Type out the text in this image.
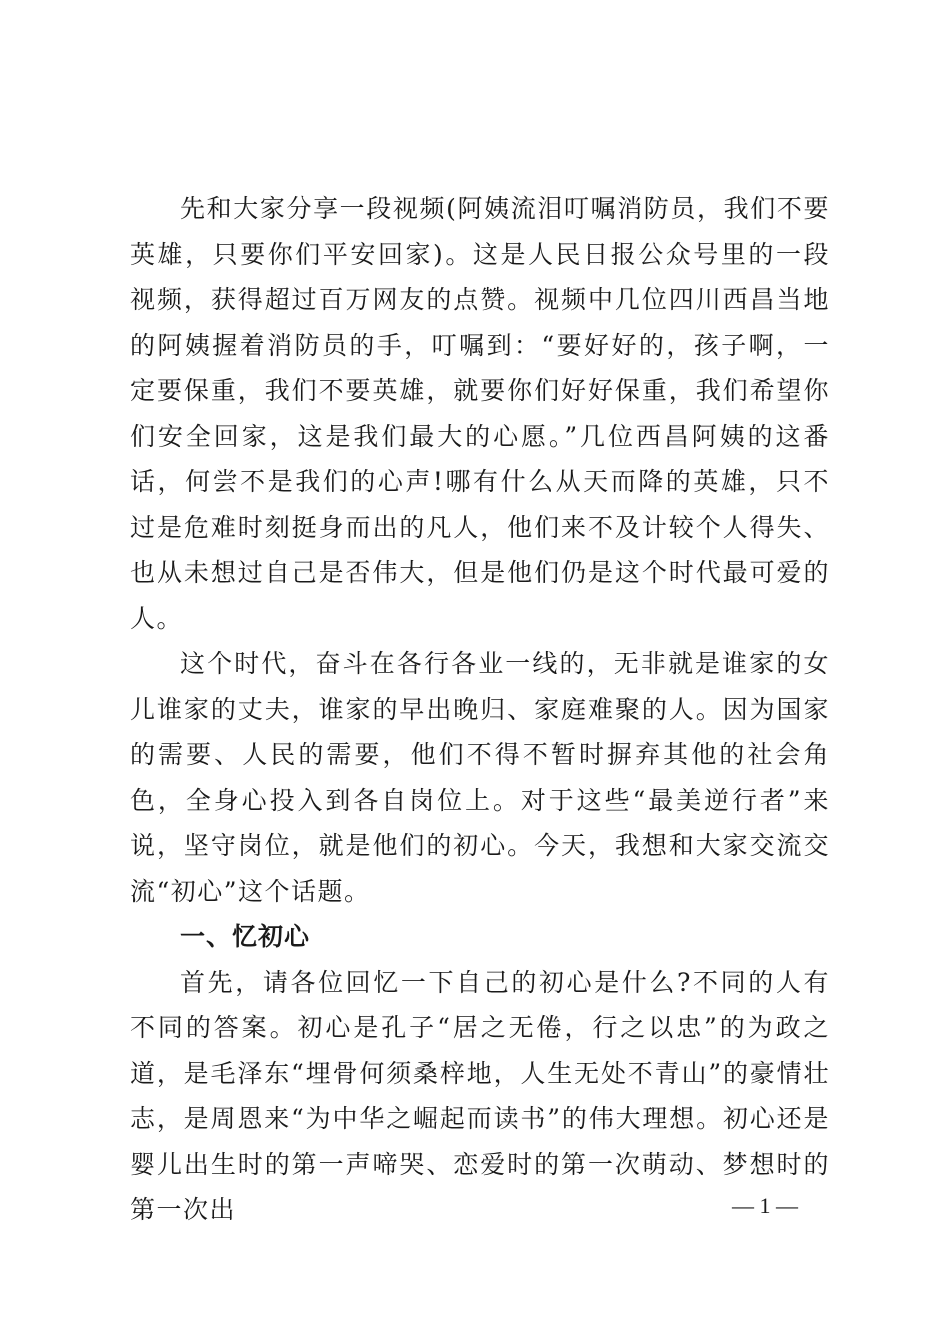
先和大家分享一段视频(阿姨流泪叮嘱消防员，我们不要英雄，只要你们平安回家)。这是人民日报公众号里的一段视频，获得超过百万网友的点赞。视频中几位四川西昌当地的阿姨握着消防员的手，叮嘱到：“要好好的，孩子啊，一定要保重，我们不要英雄，就要你们好好保重，我们希望你们安全回家，这是我们最大的心愿。”几位西昌阿姨的这番话，何尝不是我们的心声!哪有什么从天而降的英雄，只不过是危难时刻挺身而出的凡人，他们来不及计较个人得失、也从未想过自己是否伟大，但是他们仍是这个时代最可爱的人。

这个时代，奋斗在各行各业一线的，无非就是谁家的女儿谁家的丈夫，谁家的早出晚归、家庭难聚的人。因为国家的需要、人民的需要，他们不得不暂时摒弃其他的社会角色，全身心投入到各自岗位上。对于这些“最美逆行者”来说，坚守岗位，就是他们的初心。今天，我想和大家交流交流“初心”这个话题。

一、忆初心

首先，请各位回忆一下自己的初心是什么?不同的人有不同的答案。初心是孔子“居之无倦，行之以忠”的为政之道，是毛泽东“埋骨何须桑梓地，人生无处不青山”的豪情壮志，是周恩来“为中华之崛起而读书”的伟大理想。初心还是婴儿出生时的第一声啼哭、恋爱时的第一次萌动、梦想时的第一次出	— 1 —
